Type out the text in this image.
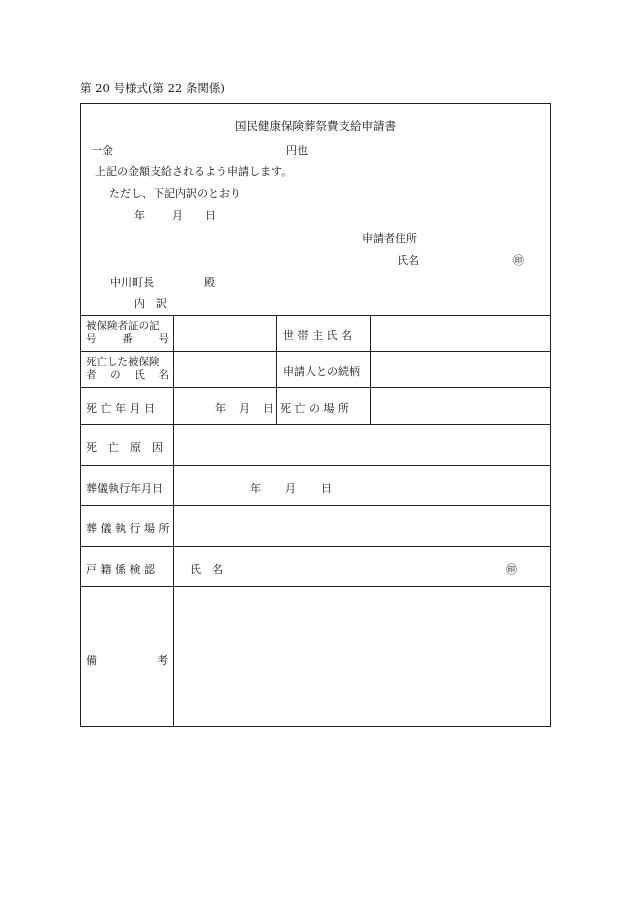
第 20 号様式(第 22 条関係)
国民健康保険葬祭費支給申請書
一金	円也
上記の金額支給されるよう申請します。
ただし、下記内訳のとおり
年 月 日
申請者住所
氏名	㊞
中川町長	殿
内　訳
被保険者証の記
号 番 号	世 帯 主 氏 名
死亡した被保険
者 の 氏 名	申請人との続柄
死 亡 年 月 日	年 月 日 死 亡 の 場 所
死　亡　原　因
葬儀執行年月日	年 月 日
葬 儀 執 行 場 所
戸 籍 係 検 認	氏　名	㊞
備	考
